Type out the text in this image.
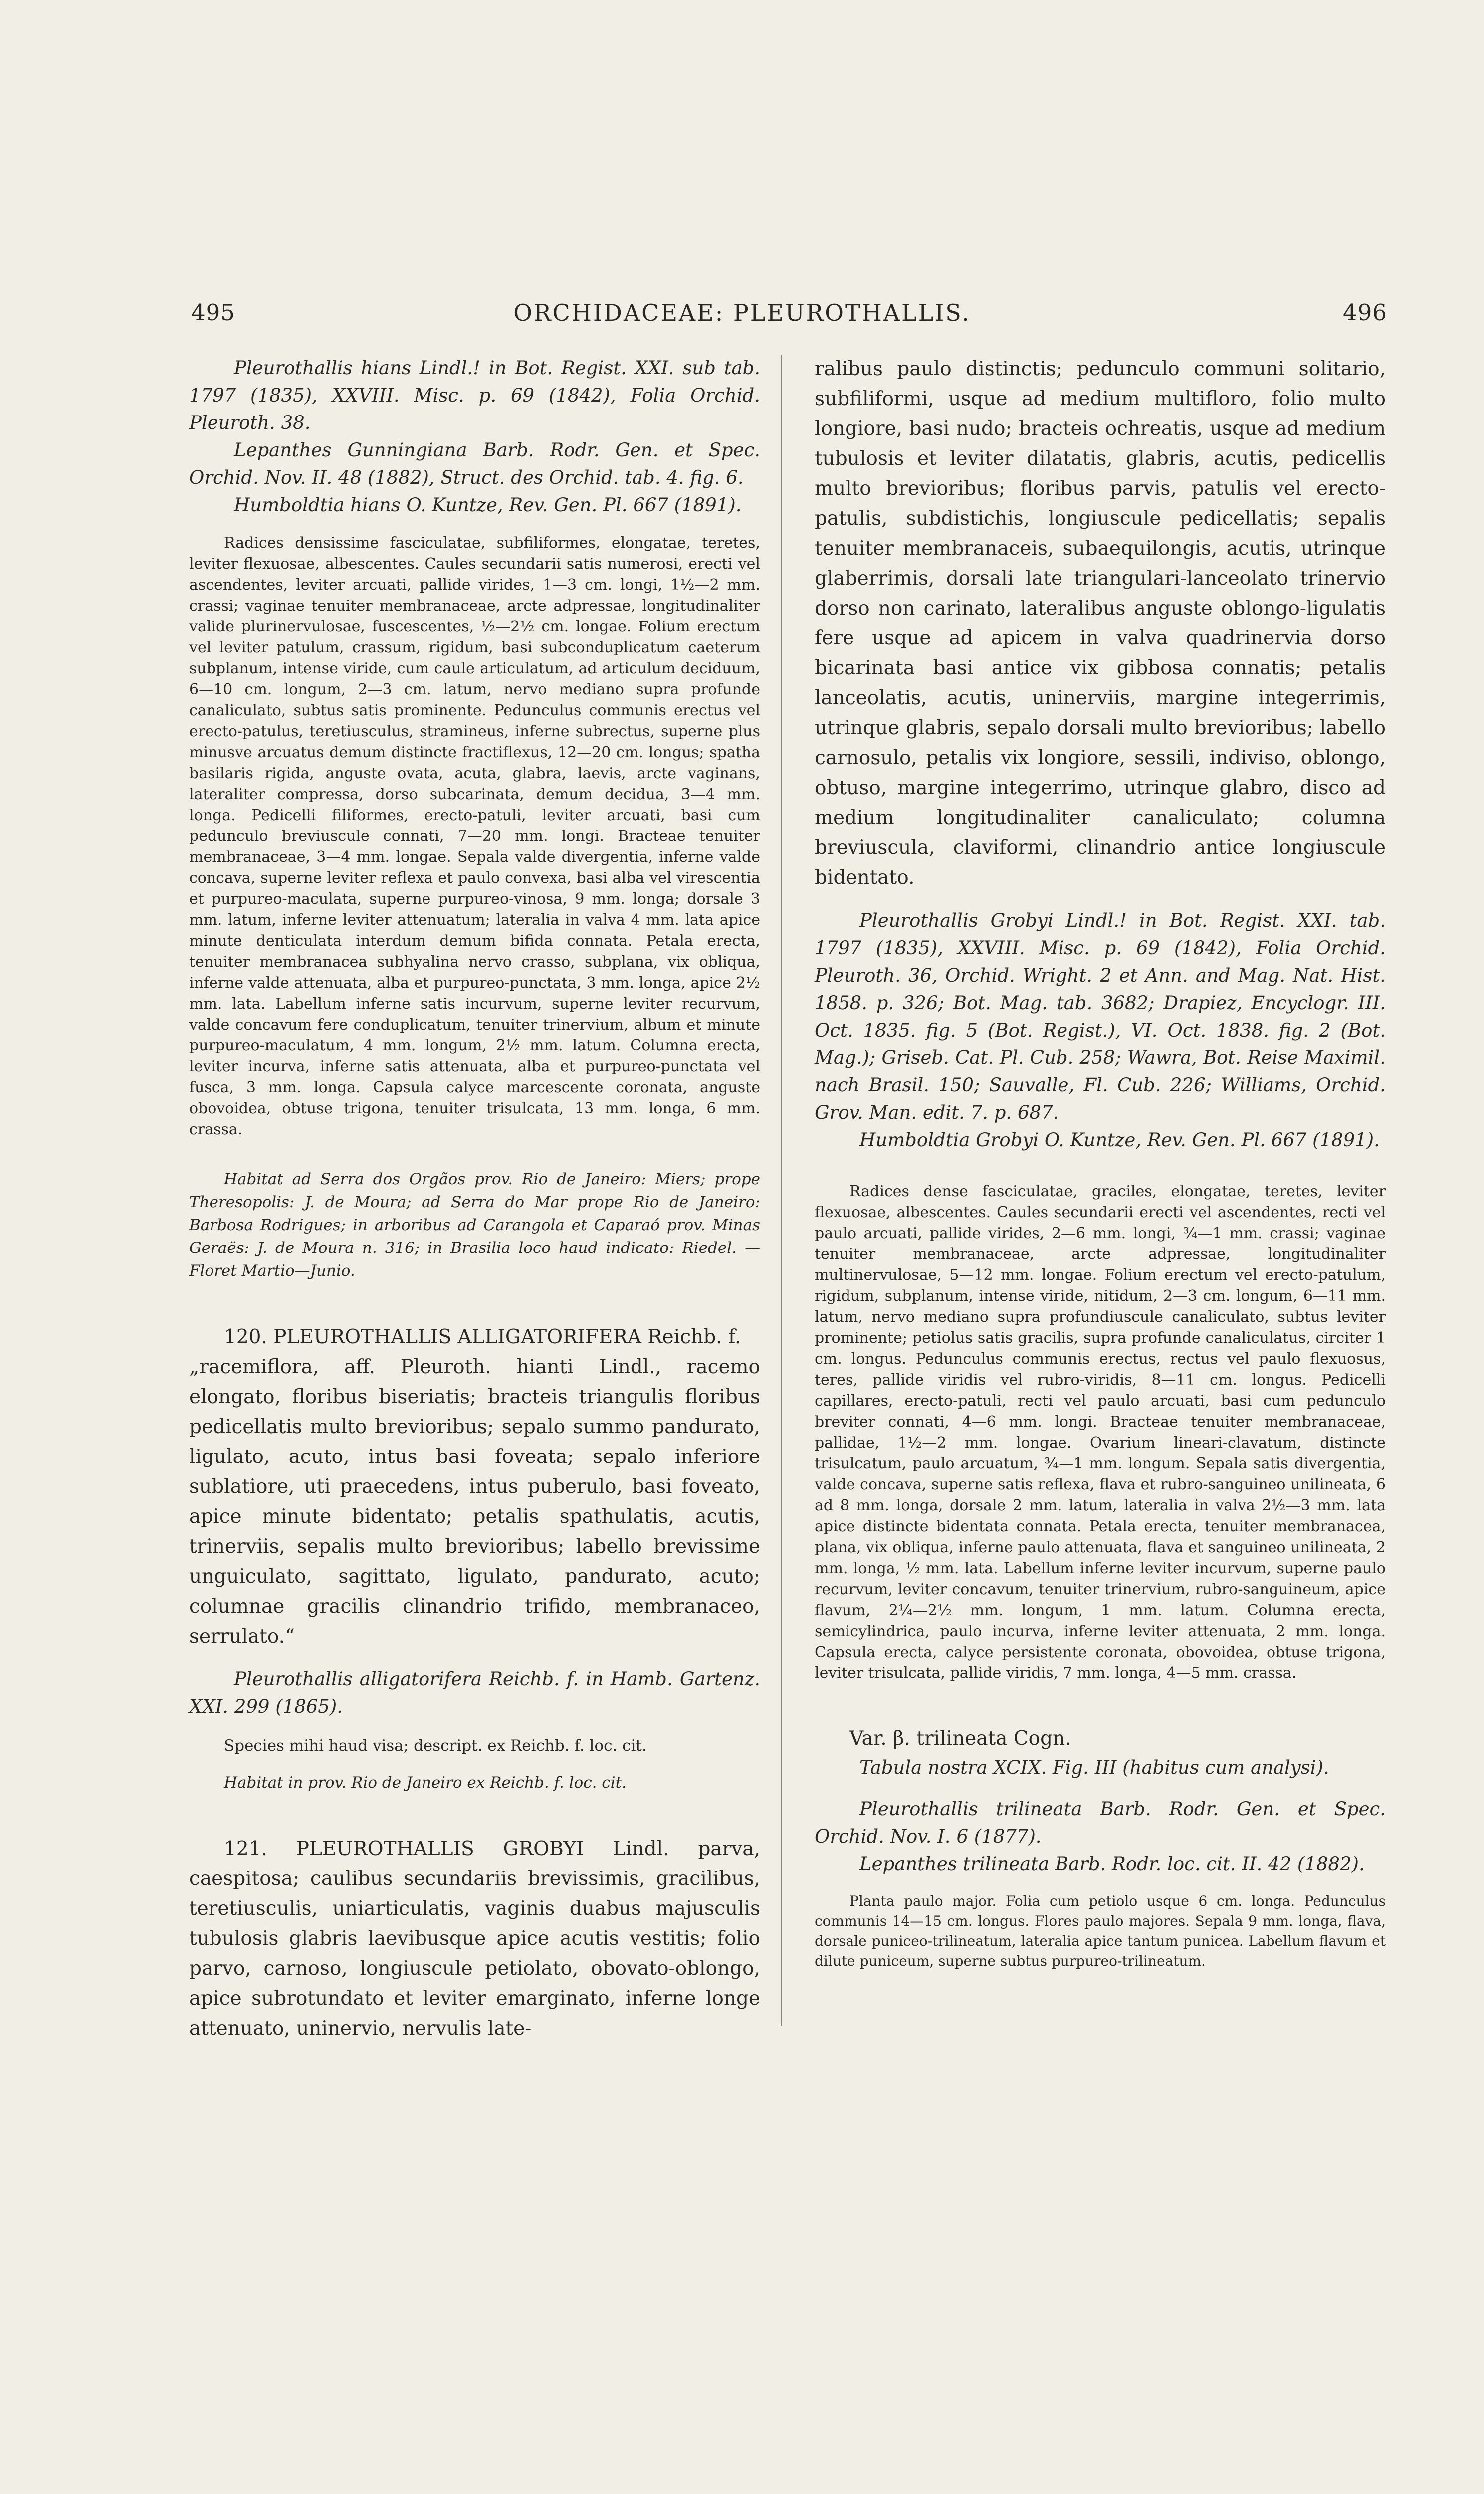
495	ORCHIDACEAE: PLEUROTHALLIS.	496

Pleurothallis hians Lindl.! in Bot. Regist. XXI. sub tab. 1797 (1835), XXVIII. Misc. p. 69 (1842), Folia Orchid. Pleuroth. 38.

Lepanthes Gunningiana Barb. Rodr. Gen. et Spec. Orchid. Nov. II. 48 (1882), Struct. des Orchid. tab. 4. fig. 6.

Humboldtia hians O. Kuntze, Rev. Gen. Pl. 667 (1891).

Radices densissime fasciculatae, subfiliformes, elongatae, teretes, leviter flexuosae, albescentes. Caules secundarii satis numerosi, erecti vel ascendentes, leviter arcuati, pallide virides, 1—3 cm. longi, 1½—2 mm. crassi; vaginae tenuiter membranaceae, arcte adpressae, longitudinaliter valide plurinervulosae, fuscescentes, ½—2½ cm. longae. Folium erectum vel leviter patulum, crassum, rigidum, basi subconduplicatum caeterum subplanum, intense viride, cum caule articulatum, ad articulum deciduum, 6—10 cm. longum, 2—3 cm. latum, nervo mediano supra profunde canaliculato, subtus satis prominente. Pedunculus communis erectus vel erecto-patulus, teretiusculus, stramineus, inferne subrectus, superne plus minusve arcuatus demum distincte fractiflexus, 12—20 cm. longus; spatha basilaris rigida, anguste ovata, acuta, glabra, laevis, arcte vaginans, lateraliter compressa, dorso subcarinata, demum decidua, 3—4 mm. longa. Pedicelli filiformes, erecto-patuli, leviter arcuati, basi cum pedunculo breviuscule connati, 7—20 mm. longi. Bracteae tenuiter membranaceae, 3—4 mm. longae. Sepala valde divergentia, inferne valde concava, superne leviter reflexa et paulo convexa, basi alba vel virescentia et purpureo-maculata, superne purpureo-vinosa, 9 mm. longa; dorsale 3 mm. latum, inferne leviter attenuatum; lateralia in valva 4 mm. lata apice minute denticulata interdum demum bifida connata. Petala erecta, tenuiter membranacea subhyalina nervo crasso, subplana, vix obliqua, inferne valde attenuata, alba et purpureo-punctata, 3 mm. longa, apice 2½ mm. lata. Labellum inferne satis incurvum, superne leviter recurvum, valde concavum fere conduplicatum, tenuiter trinervium, album et minute purpureo-maculatum, 4 mm. longum, 2½ mm. latum. Columna erecta, leviter incurva, inferne satis attenuata, alba et purpureo-punctata vel fusca, 3 mm. longa. Capsula calyce marcescente coronata, anguste obovoidea, obtuse trigona, tenuiter trisulcata, 13 mm. longa, 6 mm. crassa.

Habitat ad Serra dos Orgãos prov. Rio de Janeiro: Miers; prope Theresopolis: J. de Moura; ad Serra do Mar prope Rio de Janeiro: Barbosa Rodrigues; in arboribus ad Carangola et Caparaó prov. Minas Geraës: J. de Moura n. 316; in Brasilia loco haud indicato: Riedel. — Floret Martio—Junio.

120. PLEUROTHALLIS ALLIGATORIFERA Reichb. f.

„racemiflora, aff. Pleuroth. hianti Lindl., racemo elongato, floribus biseriatis; bracteis triangulis floribus pedicellatis multo brevioribus; sepalo summo pandurato, ligulato, acuto, intus basi foveata; sepalo inferiore sublatiore, uti praecedens, intus puberulo, basi foveato, apice minute bidentato; petalis spathulatis, acutis, trinerviis, sepalis multo brevioribus; labello brevissime unguiculato, sagittato, ligulato, pandurato, acuto; columnae gracilis clinandrio trifido, membranaceo, serrulato.“

Pleurothallis alligatorifera Reichb. f. in Hamb. Gartenz. XXI. 299 (1865).

Species mihi haud visa; descript. ex Reichb. f. loc. cit.

Habitat in prov. Rio de Janeiro ex Reichb. f. loc. cit.

121. PLEUROTHALLIS GROBYI Lindl. parva, caespitosa; caulibus secundariis brevissimis, gracilibus, teretiusculis, uniarticulatis, vaginis duabus majusculis tubulosis glabris laevibusque apice acutis vestitis; folio parvo, carnoso, longiuscule petiolato, obovato-oblongo, apice subrotundato et leviter emarginato, inferne longe attenuato, uninervio, nervulis late-

ralibus paulo distinctis; pedunculo communi solitario, subfiliformi, usque ad medium multifloro, folio multo longiore, basi nudo; bracteis ochreatis, usque ad medium tubulosis et leviter dilatatis, glabris, acutis, pedicellis multo brevioribus; floribus parvis, patulis vel erecto-patulis, subdistichis, longiuscule pedicellatis; sepalis tenuiter membranaceis, subaequilongis, acutis, utrinque glaberrimis, dorsali late triangulari-lanceolato trinervio dorso non carinato, lateralibus anguste oblongo-ligulatis fere usque ad apicem in valva quadrinervia dorso bicarinata basi antice vix gibbosa connatis; petalis lanceolatis, acutis, uninerviis, margine integerrimis, utrinque glabris, sepalo dorsali multo brevioribus; labello carnosulo, petalis vix longiore, sessili, indiviso, oblongo, obtuso, margine integerrimo, utrinque glabro, disco ad medium longitudinaliter canaliculato; columna breviuscula, claviformi, clinandrio antice longiuscule bidentato.

Pleurothallis Grobyi Lindl.! in Bot. Regist. XXI. tab. 1797 (1835), XXVIII. Misc. p. 69 (1842), Folia Orchid. Pleuroth. 36, Orchid. Wright. 2 et Ann. and Mag. Nat. Hist. 1858. p. 326; Bot. Mag. tab. 3682; Drapiez, Encyclogr. III. Oct. 1835. fig. 5 (Bot. Regist.), VI. Oct. 1838. fig. 2 (Bot. Mag.); Griseb. Cat. Pl. Cub. 258; Wawra, Bot. Reise Maximil. nach Brasil. 150; Sauvalle, Fl. Cub. 226; Williams, Orchid. Grov. Man. edit. 7. p. 687.

Humboldtia Grobyi O. Kuntze, Rev. Gen. Pl. 667 (1891).

Radices dense fasciculatae, graciles, elongatae, teretes, leviter flexuosae, albescentes. Caules secundarii erecti vel ascendentes, recti vel paulo arcuati, pallide virides, 2—6 mm. longi, ¾—1 mm. crassi; vaginae tenuiter membranaceae, arcte adpressae, longitudinaliter multinervulosae, 5—12 mm. longae. Folium erectum vel erecto-patulum, rigidum, subplanum, intense viride, nitidum, 2—3 cm. longum, 6—11 mm. latum, nervo mediano supra profundiuscule canaliculato, subtus leviter prominente; petiolus satis gracilis, supra profunde canaliculatus, circiter 1 cm. longus. Pedunculus communis erectus, rectus vel paulo flexuosus, teres, pallide viridis vel rubro-viridis, 8—11 cm. longus. Pedicelli capillares, erecto-patuli, recti vel paulo arcuati, basi cum pedunculo breviter connati, 4—6 mm. longi. Bracteae tenuiter membranaceae, pallidae, 1½—2 mm. longae. Ovarium lineari-clavatum, distincte trisulcatum, paulo arcuatum, ¾—1 mm. longum. Sepala satis divergentia, valde concava, superne satis reflexa, flava et rubro-sanguineo unilineata, 6 ad 8 mm. longa, dorsale 2 mm. latum, lateralia in valva 2½—3 mm. lata apice distincte bidentata connata. Petala erecta, tenuiter membranacea, plana, vix obliqua, inferne paulo attenuata, flava et sanguineo unilineata, 2 mm. longa, ½ mm. lata. Labellum inferne leviter incurvum, superne paulo recurvum, leviter concavum, tenuiter trinervium, rubro-sanguineum, apice flavum, 2¼—2½ mm. longum, 1 mm. latum. Columna erecta, semicylindrica, paulo incurva, inferne leviter attenuata, 2 mm. longa. Capsula erecta, calyce persistente coronata, obovoidea, obtuse trigona, leviter trisulcata, pallide viridis, 7 mm. longa, 4—5 mm. crassa.

Var. β. trilineata Cogn.

Tabula nostra XCIX. Fig. III (habitus cum analysi).

Pleurothallis trilineata Barb. Rodr. Gen. et Spec. Orchid. Nov. I. 6 (1877).

Lepanthes trilineata Barb. Rodr. loc. cit. II. 42 (1882).

Planta paulo major. Folia cum petiolo usque 6 cm. longa. Pedunculus communis 14—15 cm. longus. Flores paulo majores. Sepala 9 mm. longa, flava, dorsale puniceo-trilineatum, lateralia apice tantum punicea. Labellum flavum et dilute puniceum, superne subtus purpureo-trilineatum.
